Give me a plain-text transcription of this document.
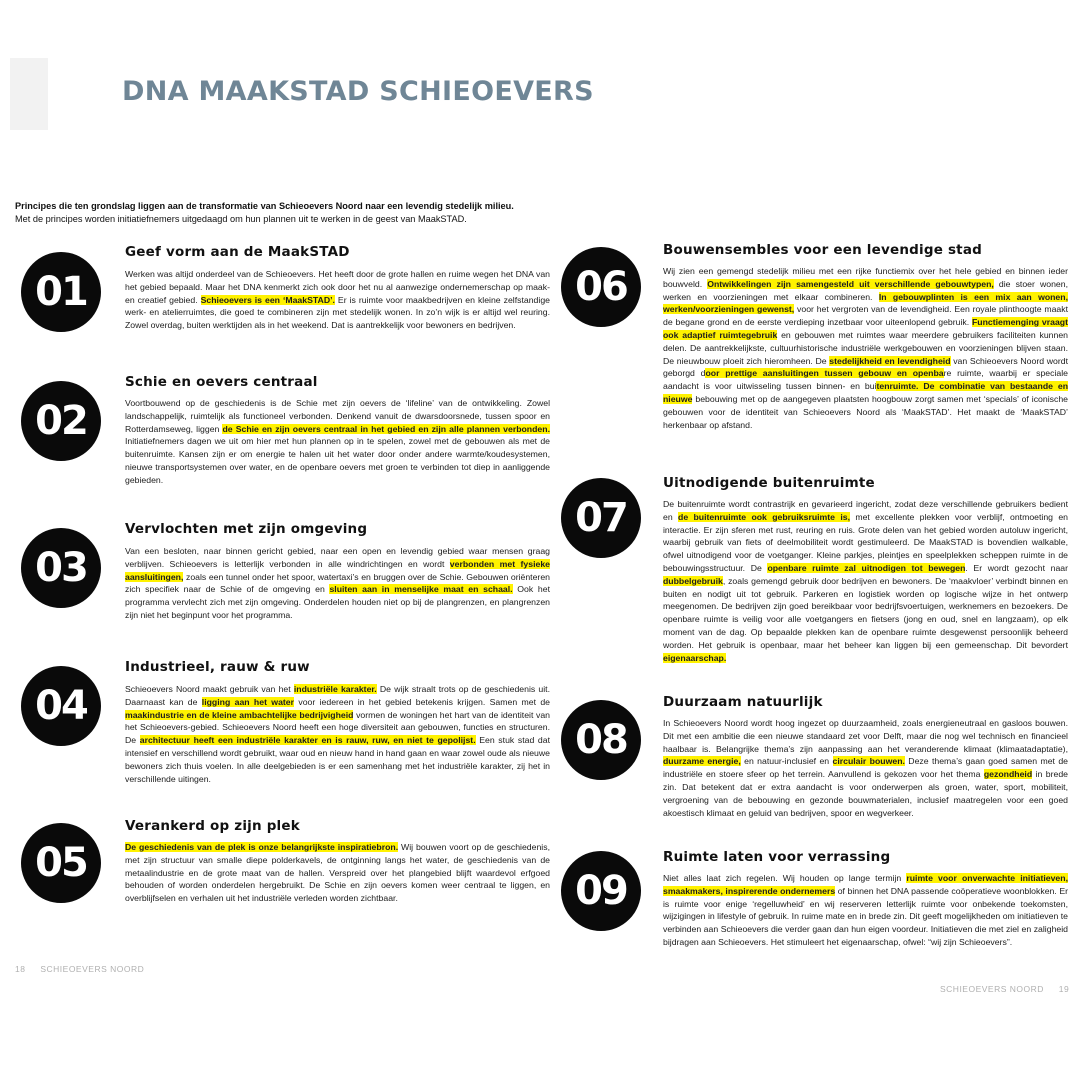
DNA MAAKSTAD SCHIEOEVERS
Principes die ten grondslag liggen aan de transformatie van Schieoevers Noord naar een levendig stedelijk milieu.
Met de principes worden initiatiefnemers uitgedaagd om hun plannen uit te werken in de geest van MaakSTAD.
01
Geef vorm aan de MaakSTAD
Werken was altijd onderdeel van de Schieoevers. Het heeft door de grote hallen en ruime wegen het DNA van het gebied bepaald. Maar het DNA kenmerkt zich ook door het nu al aanwezige ondernemerschap op maak- en creatief gebied. Schieoevers is een ‘MaakSTAD’. Er is ruimte voor maakbedrijven en kleine zelfstandige werk- en atelierruimtes, die goed te combineren zijn met stedelijk wonen. In zo’n wijk is er altijd wel reuring. Zowel overdag, buiten werktijden als in het weekend. Dat is aantrekkelijk voor bewoners en bedrijven.
02
Schie en oevers centraal
Voortbouwend op de geschiedenis is de Schie met zijn oevers de ‘lifeline’ van de ontwikkeling. Zowel landschappelijk, ruimtelijk als functioneel verbonden. Denkend vanuit de dwarsdoorsnede, tussen spoor en Rotterdamseweg, liggen de Schie en zijn oevers centraal in het gebied en zijn alle plannen verbonden. Initiatiefnemers dagen we uit om hier met hun plannen op in te spelen, zowel met de gebouwen als met de buitenruimte. Kansen zijn er om energie te halen uit het water door onder andere warmte/koudesystemen, nieuwe transportsystemen over water, en de openbare oevers met groen te verbinden tot diep in aanliggende gebieden.
03
Vervlochten met zijn omgeving
Van een besloten, naar binnen gericht gebied, naar een open en levendig gebied waar mensen graag verblijven. Schieoevers is letterlijk verbonden in alle windrichtingen en wordt verbonden met fysieke aansluitingen, zoals een tunnel onder het spoor, watertaxi’s en bruggen over de Schie. Gebouwen oriënteren zich specifiek naar de Schie of de omgeving en sluiten aan in menselijke maat en schaal. Ook het programma vervlecht zich met zijn omgeving. Onderdelen houden niet op bij de plangrenzen, en plangrenzen zijn niet het beginpunt voor het programma.
04
Industrieel, rauw & ruw
Schieoevers Noord maakt gebruik van het industriële karakter. De wijk straalt trots op de geschiedenis uit. Daarnaast kan de ligging aan het water voor iedereen in het gebied betekenis krijgen. Samen met de maakindustrie en de kleine ambachtelijke bedrijvigheid vormen de woningen het hart van de identiteit van het Schieoevers-gebied. Schieoevers Noord heeft een hoge diversiteit aan gebouwen, functies en structuren. De architectuur heeft een industriële karakter en is rauw, ruw, en niet te gepolijst. Een stuk stad dat intensief en verschillend wordt gebruikt, waar oud en nieuw hand in hand gaan en waar zowel oude als nieuwe bewoners zich thuis voelen. In alle deelgebieden is er een samenhang met het industriële karakter, zij het in verschillende uitingen.
05
Verankerd op zijn plek
De geschiedenis van de plek is onze belangrijkste inspiratiebron. Wij bouwen voort op de geschiedenis, met zijn structuur van smalle diepe polderkavels, de ontginning langs het water, de geschiedenis van de metaalindustrie en de grote maat van de hallen. Verspreid over het plangebied blijft waardevol erfgoed behouden of worden onderdelen hergebruikt. De Schie en zijn oevers komen weer centraal te liggen, en overblijfselen en verhalen uit het industriële verleden worden zichtbaar.
06
Bouwensembles voor een levendige stad
Wij zien een gemengd stedelijk milieu met een rijke functiemix over het hele gebied en binnen ieder bouwveld. Ontwikkelingen zijn samengesteld uit verschillende gebouwtypen, die stoer wonen, werken en voorzieningen met elkaar combineren. In gebouwplinten is een mix aan wonen, werken/voorzieningen gewenst, voor het vergroten van de levendigheid. Een royale plinthoogte maakt de begane grond en de eerste verdieping inzetbaar voor uiteenlopend gebruik. Functiemenging vraagt ook adaptief ruimtegebruik en gebouwen met ruimtes waar meerdere gebruikers faciliteiten kunnen delen. De aantrekkelijkste, cultuurhistorische industriële werkgebouwen en voorzieningen blijven staan. De nieuwbouw ploeit zich hieromheen. De stedelijkheid en levendigheid van Schieoevers Noord wordt geborgd door prettige aansluitingen tussen gebouw en openbare ruimte, waarbij er speciale aandacht is voor uitwisseling tussen binnen- en buitenruimte. De combinatie van bestaande en nieuwe bebouwing met op de aangegeven plaatsten hoogbouw zorgt samen met ‘specials’ of iconische gebouwen voor de identiteit van Schieoevers Noord als ‘MaakSTAD’. Het maakt de ‘MaakSTAD’ herkenbaar op afstand.
07
Uitnodigende buitenruimte
De buitenruimte wordt contrastrijk en gevarieerd ingericht, zodat deze verschillende gebruikers bedient en de buitenruimte ook gebruiksruimte is, met excellente plekken voor verblijf, ontmoeting en interactie. Er zijn sferen met rust, reuring en ruis. Grote delen van het gebied worden autoluw ingericht, waarbij gebruik van fiets of deelmobiliteit wordt gestimuleerd. De MaakSTAD is bovendien walkable, ofwel uitnodigend voor de voetganger. Kleine parkjes, pleintjes en speelplekken scheppen ruimte in de bebouwingsstructuur. De openbare ruimte zal uitnodigen tot bewegen. Er wordt gezocht naar dubbelgebruik, zoals gemengd gebruik door bedrijven en bewoners. De ‘maakvloer’ verbindt binnen en buiten en nodigt uit tot gebruik. Parkeren en logistiek worden op logische wijze in het ontwerp meegenomen. De bedrijven zijn goed bereikbaar voor bedrijfsvoertuigen, werknemers en bezoekers. De openbare ruimte is veilig voor alle voetgangers en fietsers (jong en oud, snel en langzaam), op elk moment van de dag. Op bepaalde plekken kan de openbare ruimte desgewenst persoonlijk beheerd worden. Het gebruik is openbaar, maar het beheer kan liggen bij een gemeenschap. Dit bevordert eigenaarschap.
08
Duurzaam natuurlijk
In Schieoevers Noord wordt hoog ingezet op duurzaamheid, zoals energieneutraal en gasloos bouwen. Dit met een ambitie die een nieuwe standaard zet voor Delft, maar die nog wel technisch en financieel haalbaar is. Belangrijke thema’s zijn aanpassing aan het veranderende klimaat (klimaatadaptatie), duurzame energie, en natuur-inclusief en circulair bouwen. Deze thema’s gaan goed samen met de industriële en stoere sfeer op het terrein. Aanvullend is gekozen voor het thema gezondheid in brede zin. Dat betekent dat er extra aandacht is voor onderwerpen als groen, water, sport, mobiliteit, vergroening van de bebouwing en gezonde bouwmaterialen, inclusief maatregelen voor een goed akoestisch klimaat en geluid van bedrijven, spoor en wegverkeer.
09
Ruimte laten voor verrassing
Niet alles laat zich regelen. Wij houden op lange termijn ruimte voor onverwachte initiatieven, smaakmakers, inspirerende ondernemers of binnen het DNA passende coöperatieve woonblokken. Er is ruimte voor enige ‘regelluwheid’ en wij reserveren letterlijk ruimte voor onbekende toekomsten, wijzigingen in lifestyle of gebruik. In ruime mate en in brede zin. Dit geeft mogelijkheden om initiatieven te verbinden aan Schieoevers die verder gaan dan hun eigen voordeur. Initiatieven die met ziel en zaligheid bijdragen aan Schieoevers. Het stimuleert het eigenaarschap, ofwel: “wij zijn Schieoevers”.
18 SCHIEOEVERS NOORD
SCHIEOEVERS NOORD 19
